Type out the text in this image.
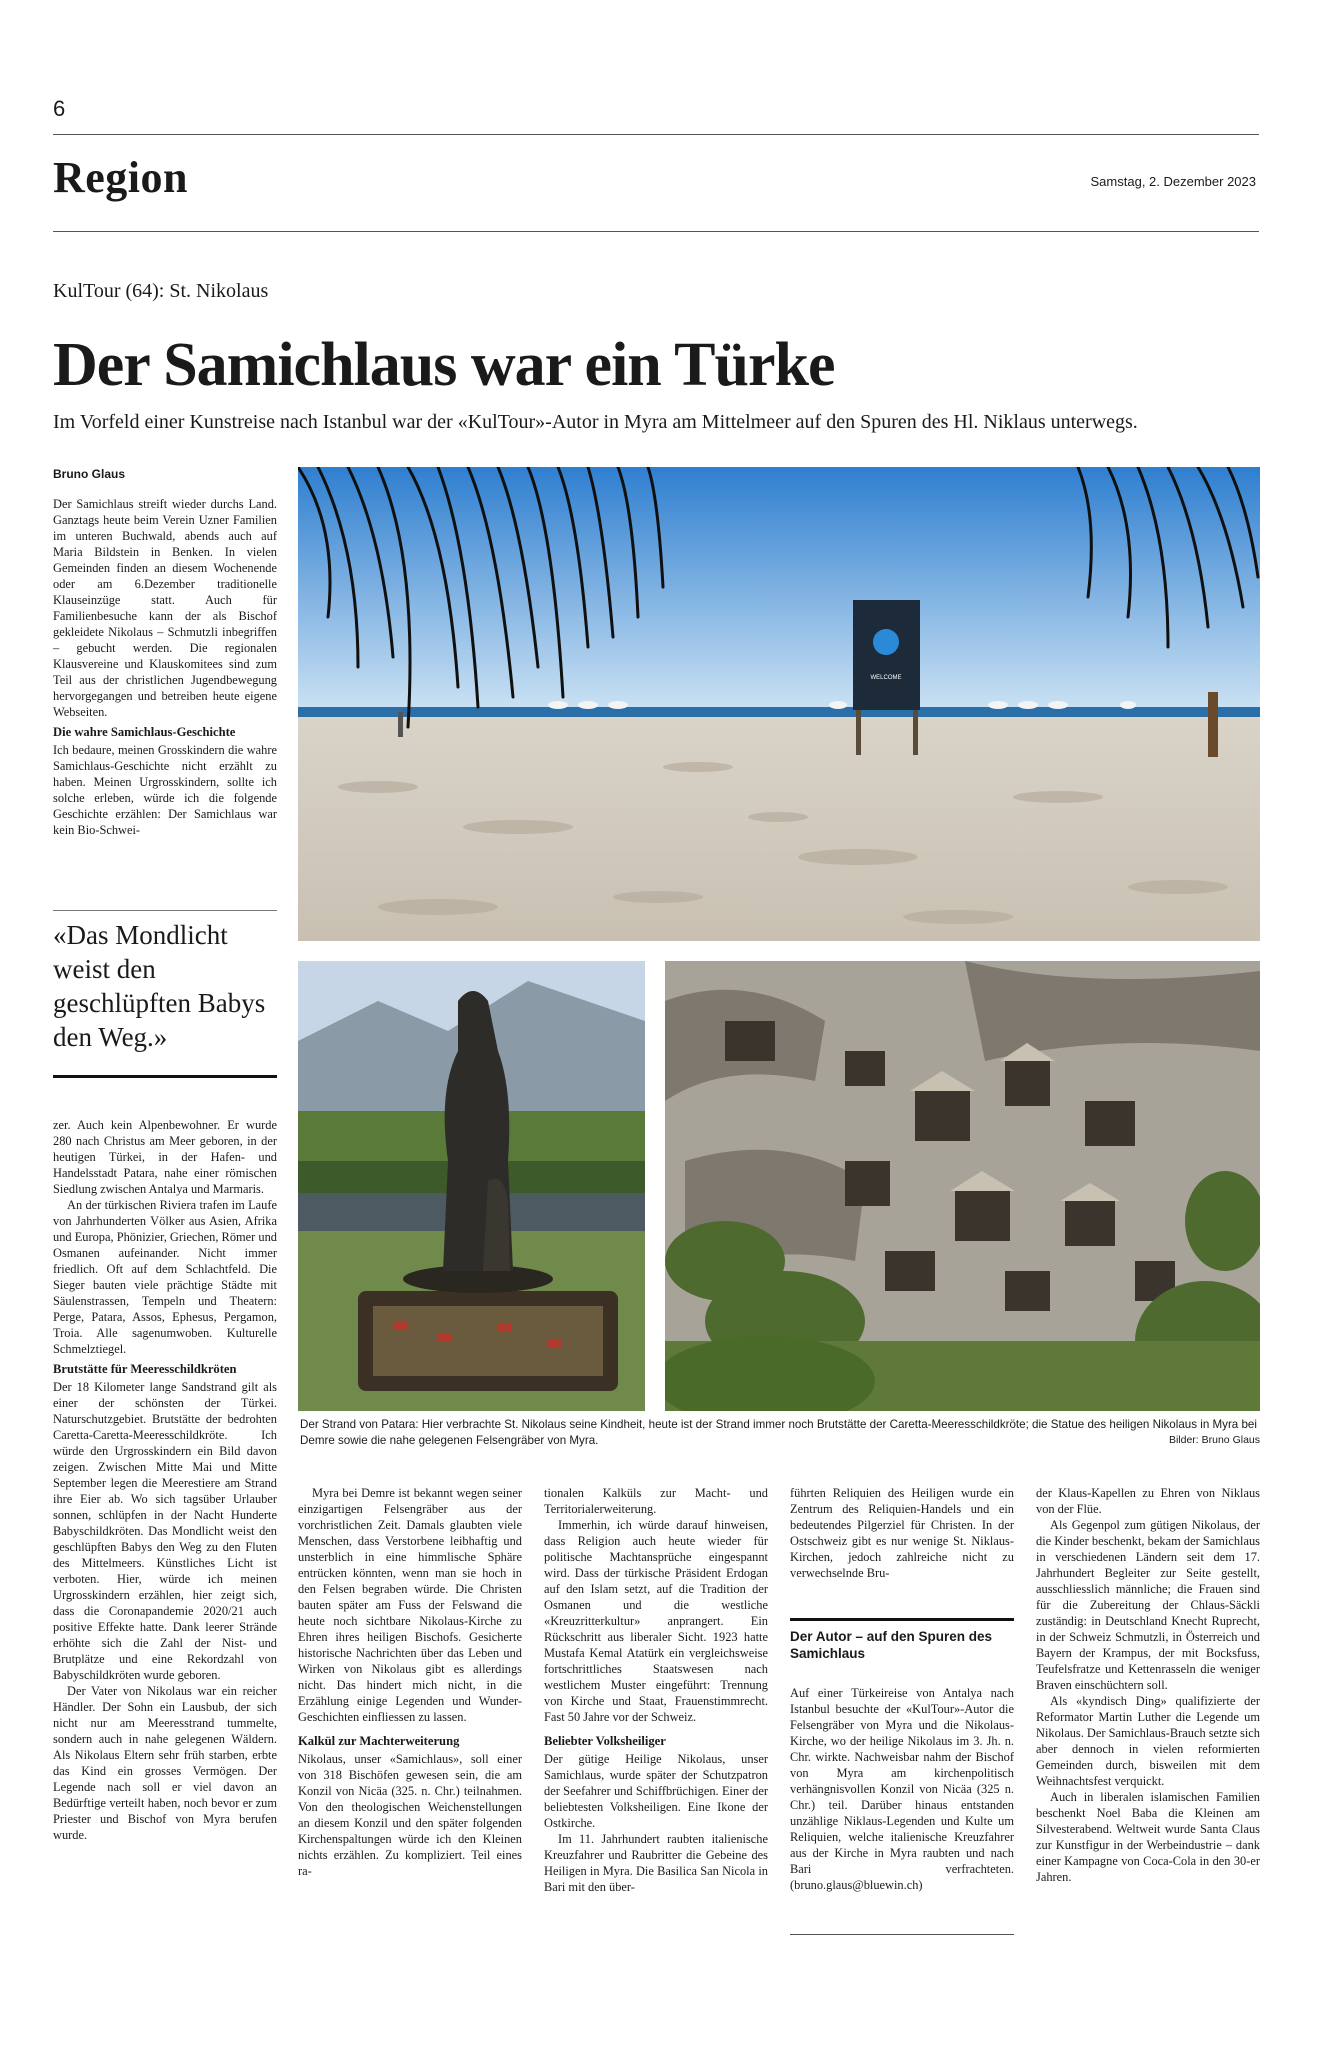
6
Region	Samstag, 2. Dezember 2023
KulTour (64): St. Nikolaus
Der Samichlaus war ein Türke
Im Vorfeld einer Kunstreise nach Istanbul war der «KulTour»-Autor in Myra am Mittelmeer auf den Spuren des Hl. Niklaus unterwegs.
Bruno Glaus

Der Samichlaus streift wieder durchs Land. Ganztags heute beim Verein Uzner Familien im unteren Buchwald, abends auch auf Maria Bildstein in Benken. In vielen Gemeinden finden an diesem Wochenende oder am 6.Dezember traditionelle Klauseinzüge statt. Auch für Familienbesuche kann der als Bischof gekleidete Nikolaus – Schmutzli inbegriffen – gebucht werden. Die regionalen Klausvereine und Klauskomitees sind zum Teil aus der christlichen Jugendbewegung hervorgegangen und betreiben heute eigene Webseiten.

Die wahre Samichlaus-Geschichte

Ich bedaure, meinen Grosskindern die wahre Samichlaus-Geschichte nicht erzählt zu haben. Meinen Urgrosskindern, sollte ich solche erleben, würde ich die folgende Geschichte erzählen: Der Samichlaus war kein Bio-Schwei-

«Das Mondlicht weist den geschlüpften Babys den Weg.»

zer. Auch kein Alpenbewohner. Er wurde 280 nach Christus am Meer geboren, in der heutigen Türkei, in der Hafen- und Handelsstadt Patara, nahe einer römischen Siedlung zwischen Antalya und Marmaris.

An der türkischen Riviera trafen im Laufe von Jahrhunderten Völker aus Asien, Afrika und Europa, Phönizier, Griechen, Römer und Osmanen aufeinander. Nicht immer friedlich. Oft auf dem Schlachtfeld. Die Sieger bauten viele prächtige Städte mit Säulenstrassen, Tempeln und Theatern: Perge, Patara, Assos, Ephesus, Pergamon, Troia. Alle sagenumwoben. Kulturelle Schmelztiegel.

Brutstätte für Meeresschildkröten

Der 18 Kilometer lange Sandstrand gilt als einer der schönsten der Türkei. Naturschutzgebiet. Brutstätte der bedrohten Caretta-Caretta-Meeresschildkröte. Ich würde den Urgrosskindern ein Bild davon zeigen. Zwischen Mitte Mai und Mitte September legen die Meerestiere am Strand ihre Eier ab. Wo sich tagsüber Urlauber sonnen, schlüpfen in der Nacht Hunderte Babyschildkröten. Das Mondlicht weist den geschlüpften Babys den Weg zu den Fluten des Mittelmeers. Künstliches Licht ist verboten. Hier, würde ich meinen Urgrosskindern erzählen, hier zeigt sich, dass die Coronapandemie 2020/21 auch positive Effekte hatte. Dank leerer Strände erhöhte sich die Zahl der Nist- und Brutplätze und eine Rekordzahl von Babyschildkröten wurde geboren.

Der Vater von Nikolaus war ein reicher Händler. Der Sohn ein Lausbub, der sich nicht nur am Meeresstrand tummelte, sondern auch in nahe gelegenen Wäldern. Als Nikolaus Eltern sehr früh starben, erbte das Kind ein grosses Vermögen. Der Legende nach soll er viel davon an Bedürftige verteilt haben, noch bevor er zum Priester und Bischof von Myra berufen wurde.

WELCOME
Der Strand von Patara: Hier verbrachte St. Nikolaus seine Kindheit, heute ist der Strand immer noch Brutstätte der Caretta-Meeresschildkröte; die Statue des heiligen Nikolaus in Myra bei Demre sowie die nahe gelegenen Felsengräber von Myra.	Bilder: Bruno Glaus

Myra bei Demre ist bekannt wegen seiner einzigartigen Felsengräber aus der vorchristlichen Zeit. Damals glaubten viele Menschen, dass Verstorbene leibhaftig und unsterblich in eine himmlische Sphäre entrücken könnten, wenn man sie hoch in den Felsen begraben würde. Die Christen bauten später am Fuss der Felswand die heute noch sichtbare Nikolaus-Kirche zu Ehren ihres heiligen Bischofs. Gesicherte historische Nachrichten über das Leben und Wirken von Nikolaus gibt es allerdings nicht. Das hindert mich nicht, in die Erzählung einige Legenden und Wunder-Geschichten einfliessen zu lassen.

Kalkül zur Machterweiterung

Nikolaus, unser «Samichlaus», soll einer von 318 Bischöfen gewesen sein, die am Konzil von Nicäa (325. n. Chr.) teilnahmen. Von den theologischen Weichenstellungen an diesem Konzil und den später folgenden Kirchenspaltungen würde ich den Kleinen nichts erzählen. Zu kompliziert. Teil eines ra-

tionalen Kalküls zur Macht- und Territorialerweiterung.

Immerhin, ich würde darauf hinweisen, dass Religion auch heute wieder für politische Machtansprüche eingespannt wird. Dass der türkische Präsident Erdogan auf den Islam setzt, auf die Tradition der Osmanen und die westliche «Kreuzritterkultur» anprangert. Ein Rückschritt aus liberaler Sicht. 1923 hatte Mustafa Kemal Atatürk ein vergleichsweise fortschrittliches Staatswesen nach westlichem Muster eingeführt: Trennung von Kirche und Staat, Frauenstimmrecht. Fast 50 Jahre vor der Schweiz.

Beliebter Volksheiliger

Der gütige Heilige Nikolaus, unser Samichlaus, wurde später der Schutzpatron der Seefahrer und Schiffbrüchigen. Einer der beliebtesten Volksheiligen. Eine Ikone der Ostkirche.

Im 11. Jahrhundert raubten italienische Kreuzfahrer und Raubritter die Gebeine des Heiligen in Myra. Die Basilica San Nicola in Bari mit den über-

führten Reliquien des Heiligen wurde ein Zentrum des Reliquien-Handels und ein bedeutendes Pilgerziel für Christen. In der Ostschweiz gibt es nur wenige St. Niklaus-Kirchen, jedoch zahlreiche nicht zu verwechselnde Bru-

Der Autor – auf den Spuren des Samichlaus

Auf einer Türkeireise von Antalya nach Istanbul besuchte der «KulTour»-Autor die Felsengräber von Myra und die Nikolaus-Kirche, wo der heilige Nikolaus im 3. Jh. n. Chr. wirkte. Nachweisbar nahm der Bischof von Myra am kirchenpolitisch verhängnisvollen Konzil von Nicäa (325 n. Chr.) teil. Darüber hinaus entstanden unzählige Niklaus-Legenden und Kulte um Reliquien, welche italienische Kreuzfahrer aus der Kirche in Myra raubten und nach Bari verfrachteten. (bruno.glaus@bluewin.ch)

der Klaus-Kapellen zu Ehren von Niklaus von der Flüe.

Als Gegenpol zum gütigen Nikolaus, der die Kinder beschenkt, bekam der Samichlaus in verschiedenen Ländern seit dem 17. Jahrhundert Begleiter zur Seite gestellt, ausschliesslich männliche; die Frauen sind für die Zubereitung der Chlaus-Säckli zuständig: in Deutschland Knecht Ruprecht, in der Schweiz Schmutzli, in Österreich und Bayern der Krampus, der mit Bocksfuss, Teufelsfratze und Kettenrasseln die weniger Braven einschüchtern soll.

Als «kyndisch Ding» qualifizierte der Reformator Martin Luther die Legende um Nikolaus. Der Samichlaus-Brauch setzte sich aber dennoch in vielen reformierten Gemeinden durch, bisweilen mit dem Weihnachtsfest verquickt.

Auch in liberalen islamischen Familien beschenkt Noel Baba die Kleinen am Silvesterabend. Weltweit wurde Santa Claus zur Kunstfigur in der Werbeindustrie – dank einer Kampagne von Coca-Cola in den 30-er Jahren.
